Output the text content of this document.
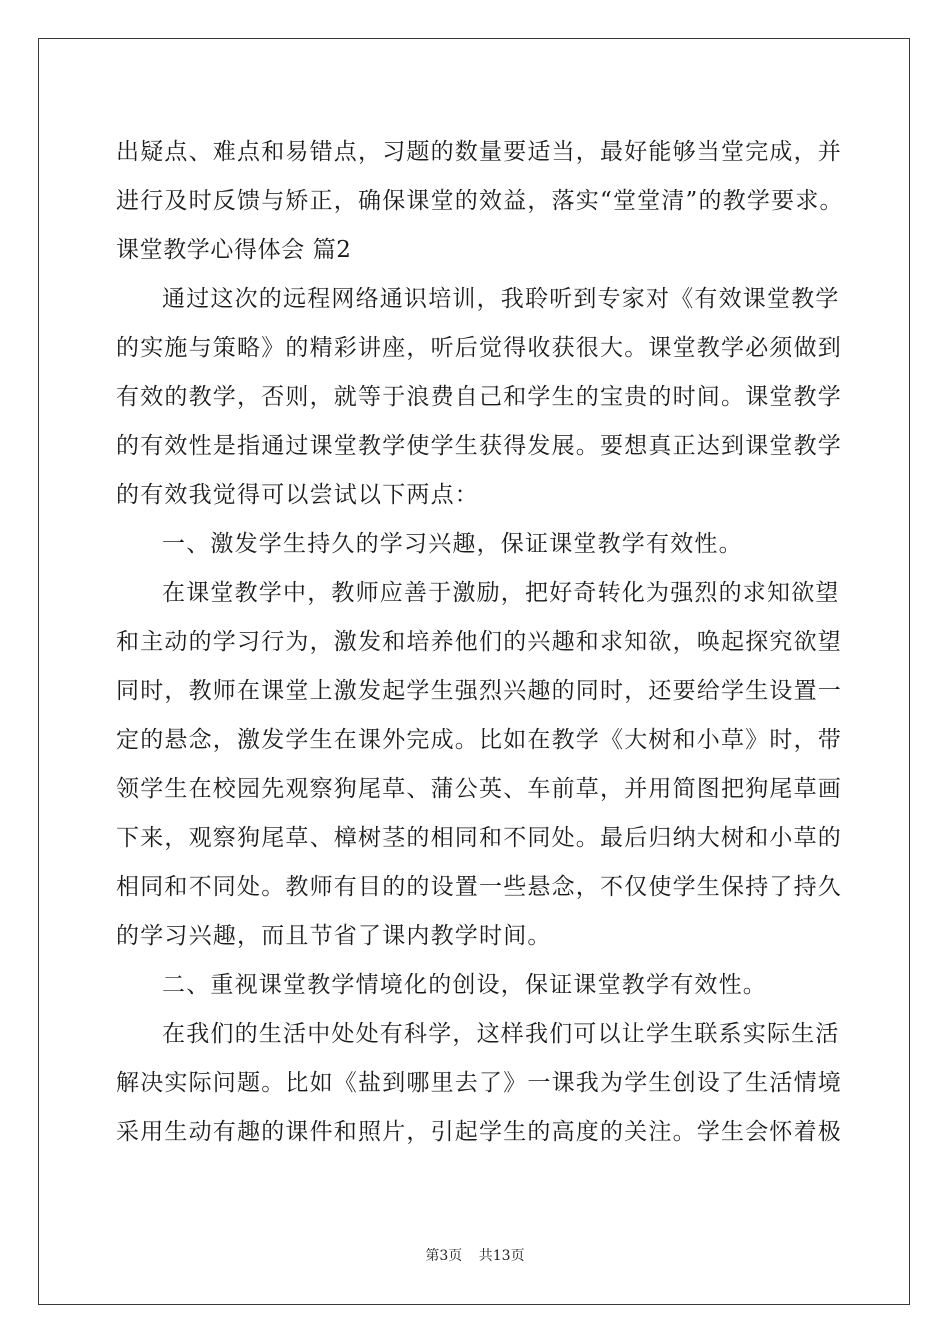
出疑点、难点和易错点，习题的数量要适当，最好能够当堂完成，并
进行及时反馈与矫正，确保课堂的效益，落实“堂堂清”的教学要求。
课堂教学心得体会 篇2
通过这次的远程网络通识培训，我聆听到专家对《有效课堂教学
的实施与策略》的精彩讲座，听后觉得收获很大。课堂教学必须做到
有效的教学，否则，就等于浪费自己和学生的宝贵的时间。课堂教学
的有效性是指通过课堂教学使学生获得发展。要想真正达到课堂教学
的有效我觉得可以尝试以下两点：
一、激发学生持久的学习兴趣，保证课堂教学有效性。
在课堂教学中，教师应善于激励，把好奇转化为强烈的求知欲望
和主动的学习行为，激发和培养他们的兴趣和求知欲，唤起探究欲望
同时，教师在课堂上激发起学生强烈兴趣的同时，还要给学生设置一
定的悬念，激发学生在课外完成。比如在教学《大树和小草》时，带
领学生在校园先观察狗尾草、蒲公英、车前草，并用简图把狗尾草画
下来，观察狗尾草、樟树茎的相同和不同处。最后归纳大树和小草的
相同和不同处。教师有目的的设置一些悬念，不仅使学生保持了持久
的学习兴趣，而且节省了课内教学时间。
二、重视课堂教学情境化的创设，保证课堂教学有效性。
在我们的生活中处处有科学，这样我们可以让学生联系实际生活
解决实际问题。比如《盐到哪里去了》一课我为学生创设了生活情境
采用生动有趣的课件和照片，引起学生的高度的关注。学生会怀着极
第3页 共13页
